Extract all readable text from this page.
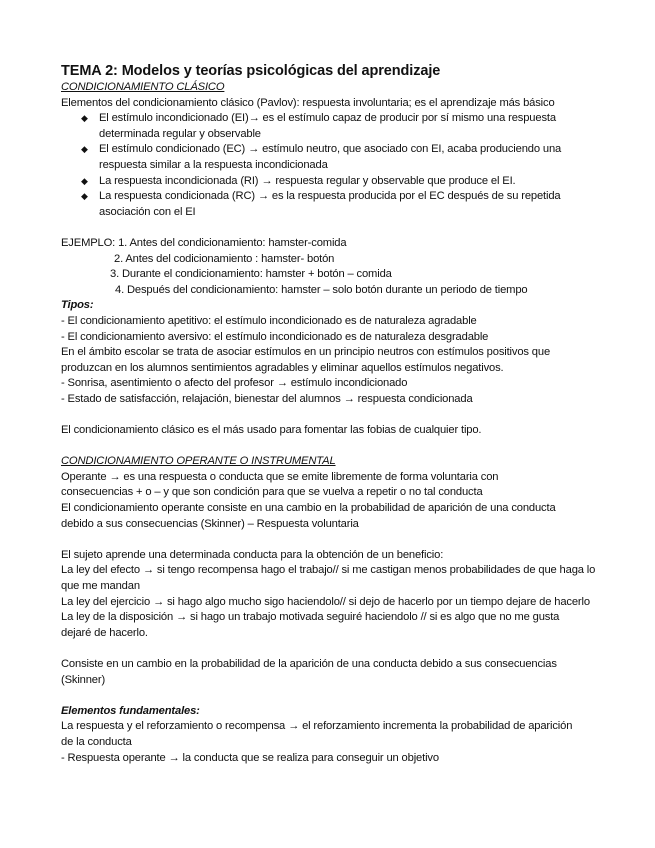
TEMA 2: Modelos y teorías psicológicas del aprendizaje
CONDICIONAMIENTO CLÁSICO
Elementos del condicionamiento clásico (Pavlov): respuesta involuntaria; es el aprendizaje más básico
◆ El estímulo incondicionado (EI)→ es el estímulo capaz de producir por sí mismo una respuesta determinada regular y observable
◆ El estímulo condicionado (EC) → estímulo neutro, que asociado con EI, acaba produciendo una respuesta similar a la respuesta incondicionada
◆ La respuesta incondicionada (RI) → respuesta regular y observable que produce el EI.
◆ La respuesta condicionada (RC) → es la respuesta producida por el EC después de su repetida asociación con el EI
EJEMPLO: 1. Antes del condicionamiento: hamster-comida
2. Antes del codicionamiento : hamster- botón
3. Durante el condicionamiento: hamster + botón – comida
4. Después del condicionamiento: hamster – solo botón durante un periodo de tiempo
Tipos:
- El condicionamiento apetitivo: el estímulo incondicionado es de naturaleza agradable
- El condicionamiento aversivo: el estímulo incondicionado es de naturaleza desgradable
En el ámbito escolar se trata de asociar estímulos en un principio neutros con estímulos positivos que produzcan en los alumnos sentimientos agradables y eliminar aquellos estímulos negativos.
- Sonrisa, asentimiento o afecto del profesor → estímulo incondicionado
- Estado de satisfacción, relajación, bienestar del alumnos → respuesta condicionada
El condicionamiento clásico es el más usado para fomentar las fobias de cualquier tipo.
CONDICIONAMIENTO OPERANTE O INSTRUMENTAL
Operante → es una respuesta o conducta que se emite libremente de forma voluntaria con consecuencias + o – y que son condición para que se vuelva a repetir o no tal conducta
El condicionamiento operante consiste en una cambio en la probabilidad de aparición de una conducta debido a sus consecuencias (Skinner) – Respuesta voluntaria
El sujeto aprende una determinada conducta para la obtención de un beneficio:
La ley del efecto → si tengo recompensa hago el trabajo// si me castigan menos probabilidades de que haga lo que me mandan
La ley del ejercicio → si hago algo mucho sigo haciendolo// si dejo de hacerlo por un tiempo dejare de hacerlo
La ley de la disposición → si hago un trabajo motivada seguiré haciendolo // si es algo que no me gusta dejaré de hacerlo.
Consiste en un cambio en la probabilidad de la aparición de una conducta debido a sus consecuencias (Skinner)
Elementos fundamentales:
La respuesta y el reforzamiento o recompensa → el reforzamiento incrementa la probabilidad de aparición de la conducta
- Respuesta operante → la conducta que se realiza para conseguir un objetivo
